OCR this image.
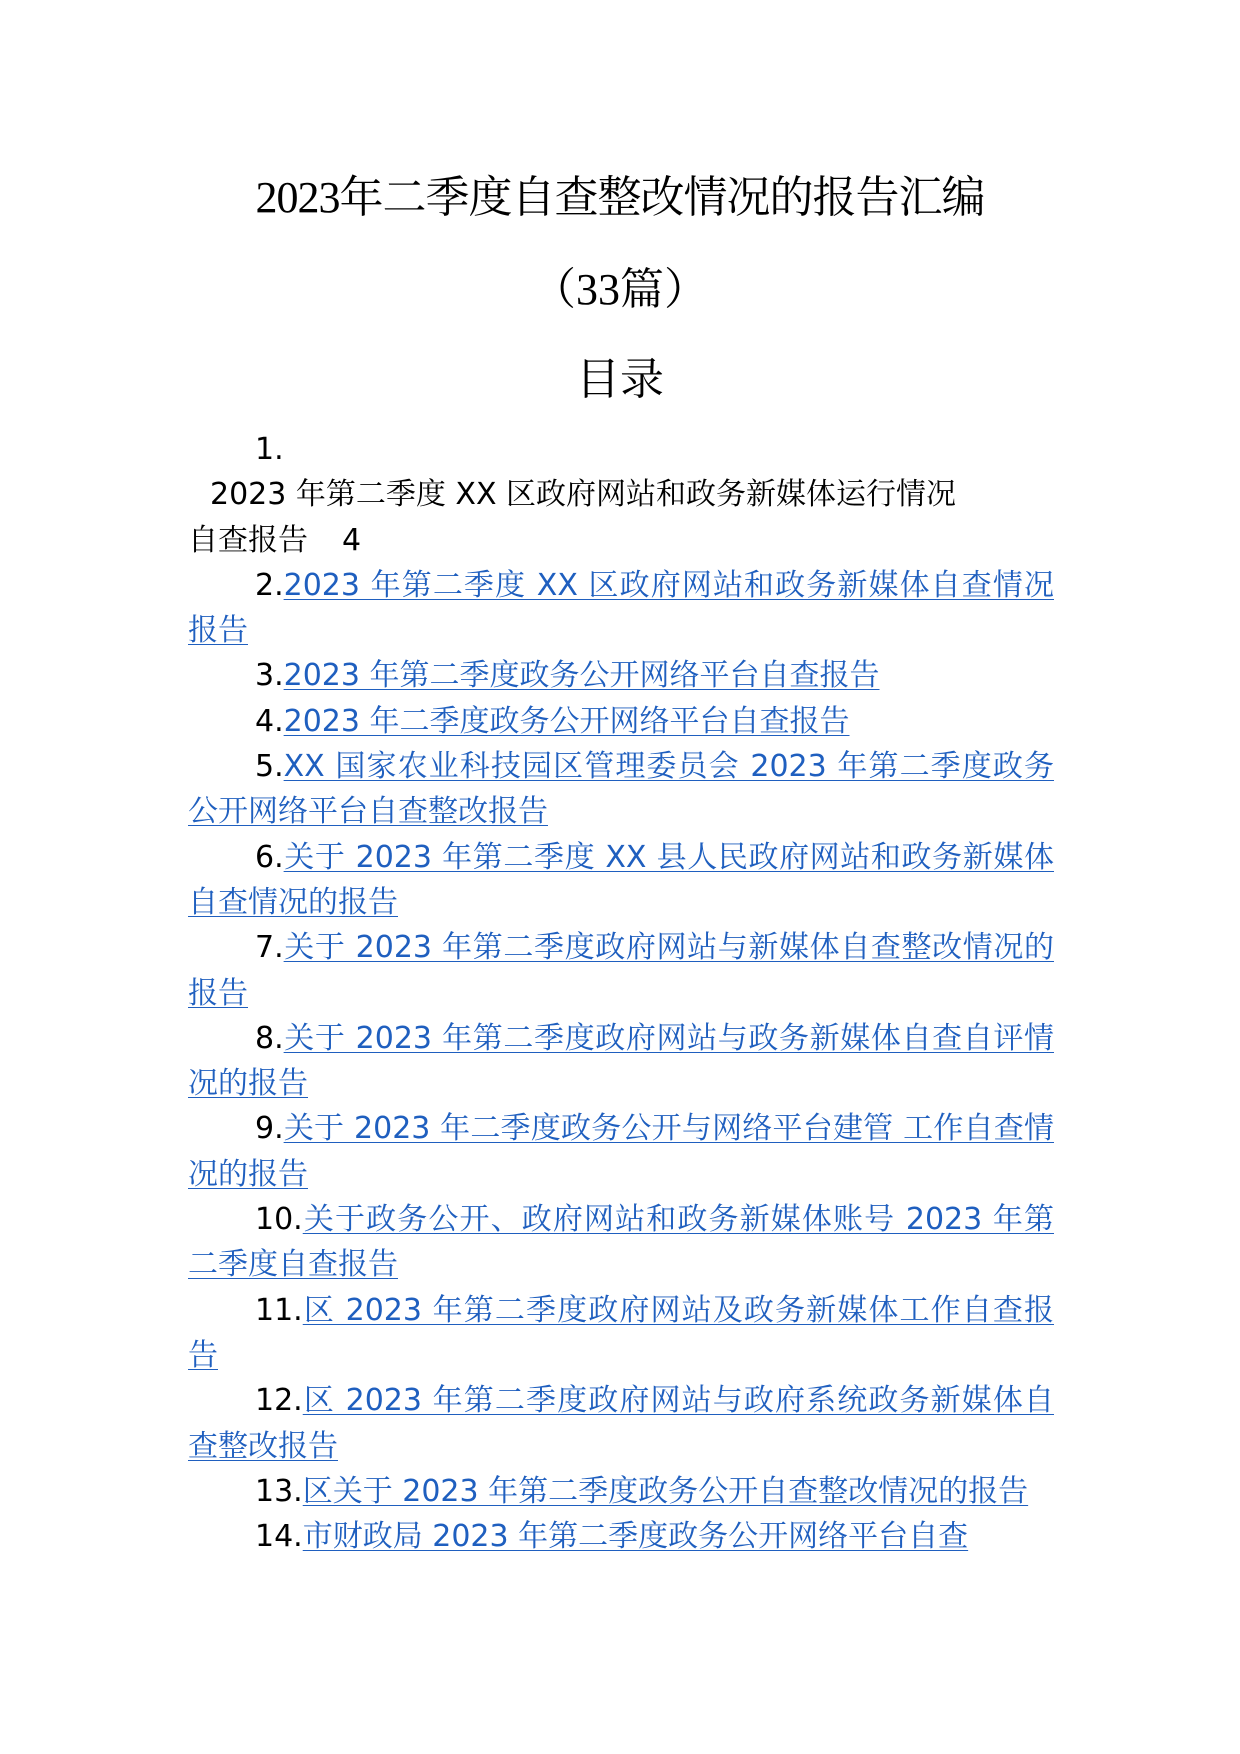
2023年二季度自查整改情况的报告汇编
（33篇）
目录
1.
2023 年第二季度 XX 区政府网站和政务新媒体运行情况
自查报告 4
2.2023 年第二季度 XX 区政府网站和政务新媒体自查情况报告
3.2023 年第二季度政务公开网络平台自查报告
4.2023 年二季度政务公开网络平台自查报告
5.XX 国家农业科技园区管理委员会 2023 年第二季度政务公开网络平台自查整改报告
6.关于 2023 年第二季度 XX 县人民政府网站和政务新媒体自查情况的报告
7.关于 2023 年第二季度政府网站与新媒体自查整改情况的报告
8.关于 2023 年第二季度政府网站与政务新媒体自查自评情况的报告
9.关于 2023 年二季度政务公开与网络平台建管 工作自查情况的报告
10.关于政务公开、政府网站和政务新媒体账号 2023 年第二季度自查报告
11.区 2023 年第二季度政府网站及政务新媒体工作自查报告
12.区 2023 年第二季度政府网站与政府系统政务新媒体自查整改报告
13.区关于 2023 年第二季度政务公开自查整改情况的报告
14.市财政局 2023 年第二季度政务公开网络平台自查
